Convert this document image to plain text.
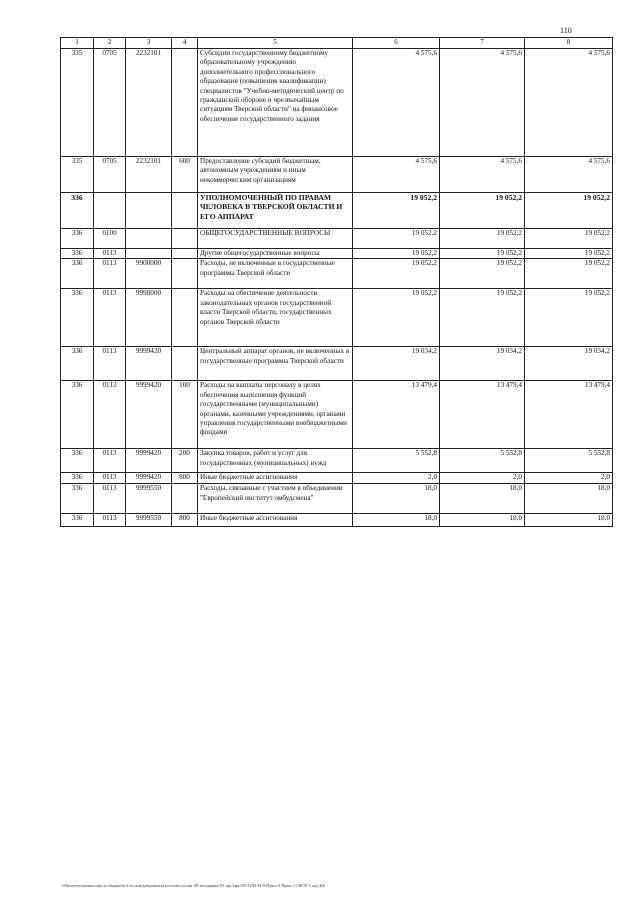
110
1	2	3	4	5	6	7	8
335	0705	2232101		Субсидии государственному бюджетному образовательному учреждению дополнительного профессионального образования (повышения квалификации) специалистов "Учебно-методический центр по гражданской обороне и чрезвычайным ситуациям Тверской области" на финансовое обеспечение государственного задания	4 575,6	4 575,6	4 575,6
335	0705	2232101	600	Предоставление субсидий бюджетным, автономным учреждениям и иным некоммерческим организациям	4 575,6	4 575,6	4 575,6
336				УПОЛНОМОЧЕННЫЙ ПО ПРАВАМ ЧЕЛОВЕКА В ТВЕРСКОЙ ОБЛАСТИ И ЕГО АППАРАТ	19 052,2	19 052,2	19 052,2
336	0100			ОБЩЕГОСУДАРСТВЕННЫЕ ВОПРОСЫ	19 052,2	19 052,2	19 052,2
336	0113			Другие общегосударственные вопросы	19 052,2	19 052,2	19 052,2
336	0113	9900000		Расходы, не включенные в государственные программы Тверской области	19 052,2	19 052,2	19 052,2
336	0113	9990000		Расходы на обеспечение деятельности законодательных органов государственной власти Тверской области, государственных органов Тверской области	19 052,2	19 052,2	19 052,2
336	0113	9999420		Центральный аппарат органов, не включенных в государственные программы Тверской области	19 034,2	19 034,2	19 034,2
336	0113	9999420	100	Расходы на выплаты персоналу в целях обеспечения выполнения функций государственными (муниципальными) органами, казенными учреждениями, органами управления государственными внебюджетными фондами	13 479,4	13 479,4	13 479,4
336	0113	9999420	200	Закупка товаров, работ и услуг для государственных (муниципальных) нужд	5 552,8	5 552,8	5 552,8
336	0113	9999420	800	Иные бюджетные ассигнования	2,0	2,0	2,0
336	0113	9999550		Расходы, связанные с участием в объединении "Европейский институт омбудсмена"	18,0	18,0	18,0
336	0113	9999550	800	Иные бюджетные ассигнования	18,0	18,0	18,0
\Fileserver\комиссия по бюджету\Сессии\документы сессии\сессия 49 заседание 01 прг\прг\05\1292-П-5\Прил 4 Прил 11 ВСР 3 год ЗФ
